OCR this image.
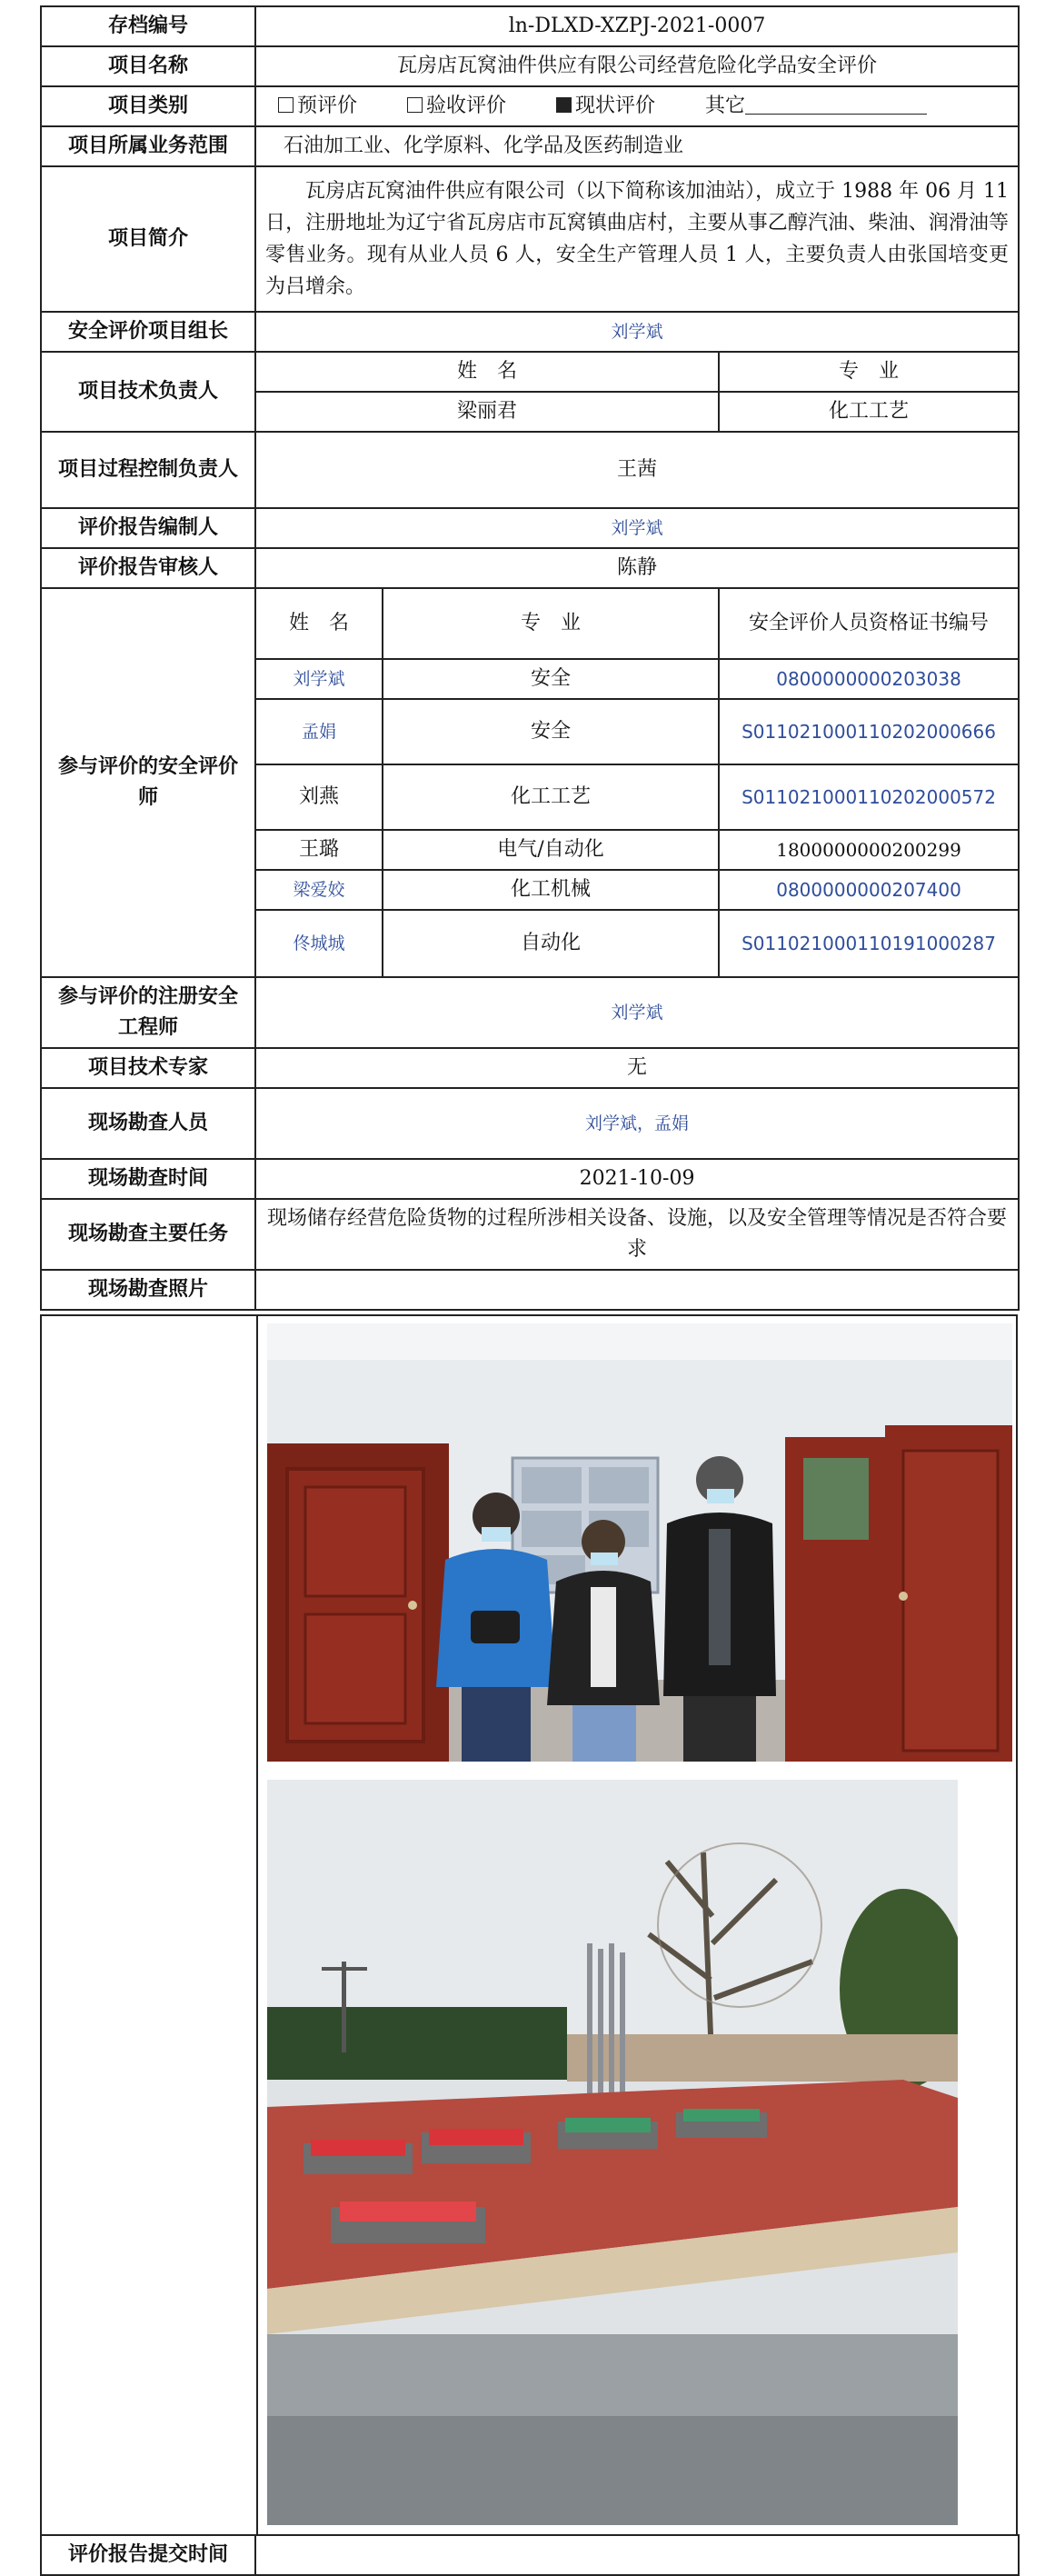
存档编号	ln-DLXD-XZPJ-2021-0007		
项目名称	瓦房店瓦窝油件供应有限公司经营危险化学品安全评价		
项目类别	预评价 验收评价 现状评价 其它		
项目所属业务范围	石油加工业、化学原料、化学品及医药制造业		
项目简介	瓦房店瓦窝油件供应有限公司（以下简称该加油站），成立于 1988 年 06 月 11 日，注册地址为辽宁省瓦房店市瓦窝镇曲店村，主要从事乙醇汽油、柴油、润滑油等零售业务。现有从业人员 6 人，安全生产管理人员 1 人，主要负责人由张国培变更为吕增余。		
安全评价项目组长	刘学斌		
项目技术负责人	姓　名		专　业
	梁丽君		化工工艺
项目过程控制负责人	王茜		
评价报告编制人	刘学斌		
评价报告审核人	陈静		
参与评价的安全评价师	姓　名	专　业	安全评价人员资格证书编号
	刘学斌	安全	0800000000203038
	孟娟	安全	S011021000110202000666
	刘燕	化工工艺	S011021000110202000572
	王璐	电气/自动化	1800000000200299
	梁爱姣	化工机械	0800000000207400
	佟城城	自动化	S011021000110191000287
参与评价的注册安全工程师	刘学斌		
项目技术专家	无		
现场勘查人员	刘学斌，孟娟		
现场勘查时间	2021-10-09		
现场勘查主要任务	现场储存经营危险货物的过程所涉相关设备、设施，以及安全管理等情况是否符合要求		
现场勘查照片			
评价报告提交时间	
